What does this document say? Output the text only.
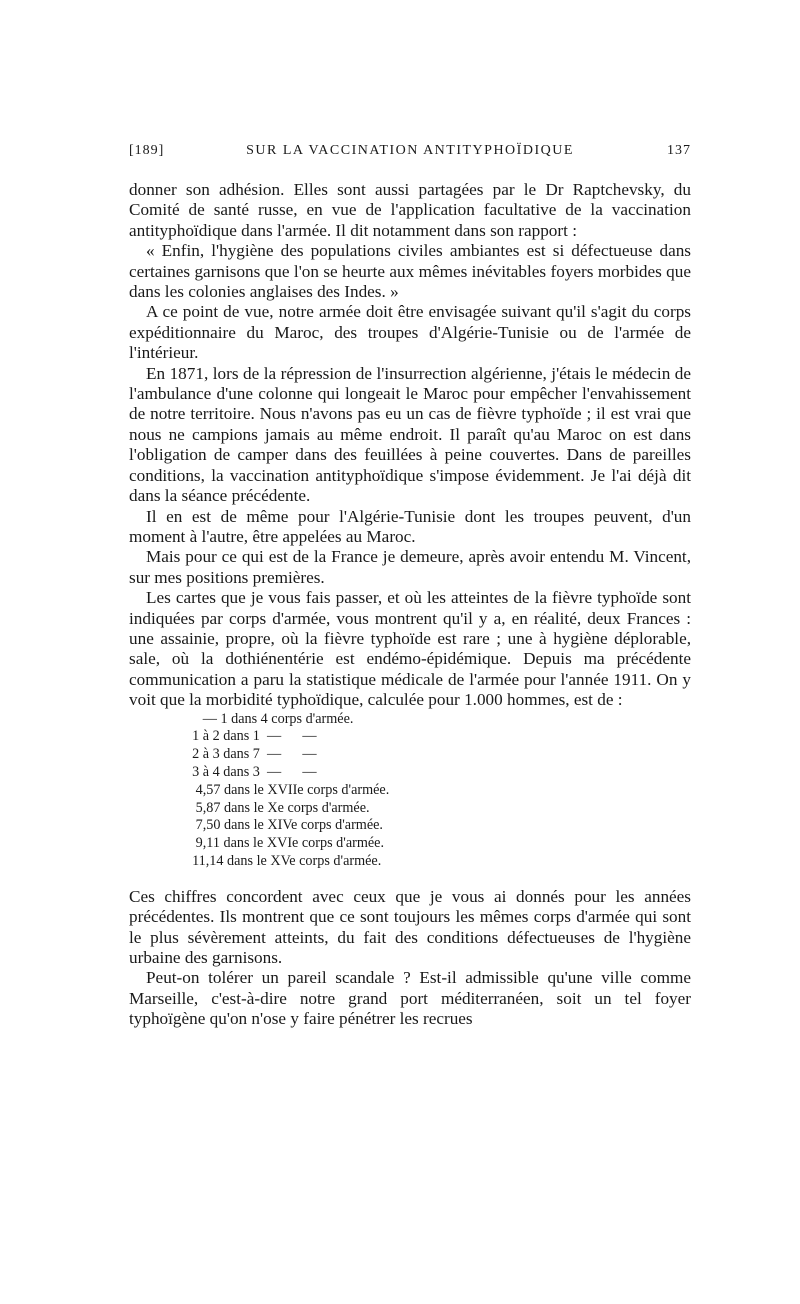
[189]	SUR LA VACCINATION ANTITYPHOÏDIQUE	137

donner son adhésion. Elles sont aussi partagées par le Dr Raptchevsky, du Comité de santé russe, en vue de l'application facultative de la vaccination antityphoïdique dans l'armée. Il dit notamment dans son rapport :

« Enfin, l'hygiène des populations civiles ambiantes est si défectueuse dans certaines garnisons que l'on se heurte aux mêmes inévitables foyers morbides que dans les colonies anglaises des Indes. »

A ce point de vue, notre armée doit être envisagée suivant qu'il s'agit du corps expéditionnaire du Maroc, des troupes d'Algérie-Tunisie ou de l'armée de l'intérieur.

En 1871, lors de la répression de l'insurrection algérienne, j'étais le médecin de l'ambulance d'une colonne qui longeait le Maroc pour empêcher l'envahissement de notre territoire. Nous n'avons pas eu un cas de fièvre typhoïde ; il est vrai que nous ne campions jamais au même endroit. Il paraît qu'au Maroc on est dans l'obligation de camper dans des feuillées à peine couvertes. Dans de pareilles conditions, la vaccination antityphoïdique s'impose évidemment. Je l'ai déjà dit dans la séance précédente.

Il en est de même pour l'Algérie-Tunisie dont les troupes peuvent, d'un moment à l'autre, être appelées au Maroc.

Mais pour ce qui est de la France je demeure, après avoir entendu M. Vincent, sur mes positions premières.

Les cartes que je vous fais passer, et où les atteintes de la fièvre typhoïde sont indiquées par corps d'armée, vous montrent qu'il y a, en réalité, deux Frances : une assainie, propre, où la fièvre typhoïde est rare ; une à hygiène déplorable, sale, où la dothiénentérie est endémo-épidémique. Depuis ma précédente communication a paru la statistique médicale de l'armée pour l'année 1911. On y voit que la morbidité typhoïdique, calculée pour 1.000 hommes, est de :

— 1 dans 4 corps d'armée.
1 à 2 dans 1  —      —
2 à 3 dans 7  —      —
3 à 4 dans 3  —      —
4,57 dans le XVIIe corps d'armée.
5,87 dans le Xe corps d'armée.
7,50 dans le XIVe corps d'armée.
9,11 dans le XVIe corps d'armée.
11,14 dans le XVe corps d'armée.

Ces chiffres concordent avec ceux que je vous ai donnés pour les années précédentes. Ils montrent que ce sont toujours les mêmes corps d'armée qui sont le plus sévèrement atteints, du fait des conditions défectueuses de l'hygiène urbaine des garnisons.

Peut-on tolérer un pareil scandale ? Est-il admissible qu'une ville comme Marseille, c'est-à-dire notre grand port méditerranéen, soit un tel foyer typhoïgène qu'on n'ose y faire pénétrer les recrues
